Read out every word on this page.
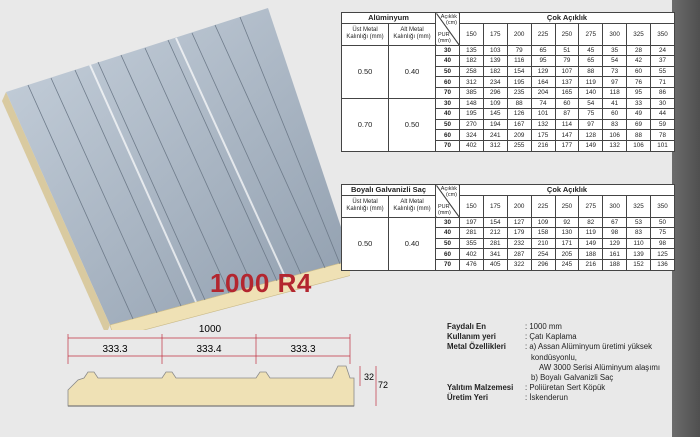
1000 R4
Alüminyum		Açıklık
(cm)
PUR
(mm)	Çok Açıklık								
Üst Metal Kalınlığı (mm)	Alt Metal Kalınlığı (mm)		150	175	200	225	250	275	300	325	350
0.50	0.40	30	135	103	79	65	51	45	35	28	24
		40	182	139	116	95	79	65	54	42	37
		50	258	182	154	129	107	88	73	60	55
		60	312	234	195	164	137	119	97	76	71
		70	385	296	235	204	165	140	118	95	86
0.70	0.50	30	148	109	88	74	60	54	41	33	30
		40	195	145	126	101	87	75	60	49	44
		50	270	194	167	132	114	97	83	69	59
		60	324	241	209	175	147	128	106	88	78
		70	402	312	255	216	177	149	132	106	101
Boyalı Galvanizli Saç		Açıklık
(cm)
PUR
(mm)	Çok Açıklık								
Üst Metal Kalınlığı (mm)	Alt Metal Kalınlığı (mm)		150	175	200	225	250	275	300	325	350
0.50	0.40	30	197	154	127	109	92	82	67	53	50
		40	281	212	179	158	130	119	98	83	75
		50	355	281	232	210	171	149	129	110	98
		60	402	341	287	254	205	188	161	139	125
		70	476	405	322	296	245	216	188	152	136
1000
333.3	333.4	333.3
32
72
Faydalı En	: 1000 mm
Kullanım yeri	: Çatı Kaplama
Metal Özellikleri	: a) Assan Alüminyum üretimi yüksek
kondüsyonlu,
AW 3000 Serisi Alüminyum alaşımı
b) Boyalı Galvanizli Saç
Yalıtım Malzemesi	: Poliüretan Sert Köpük
Üretim Yeri	: İskenderun
